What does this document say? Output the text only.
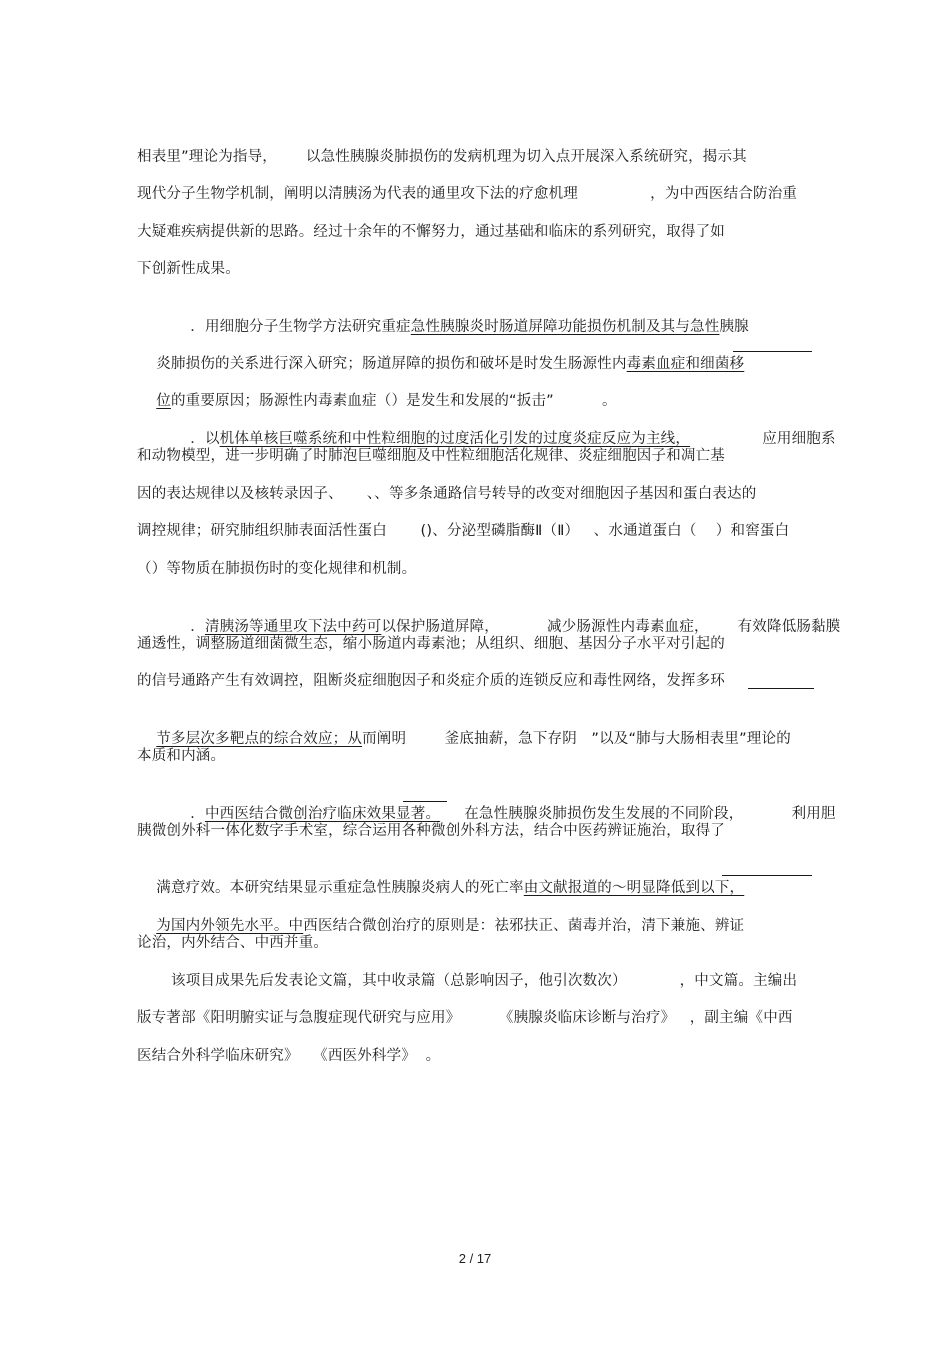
相表里”理论为指导，      以急性胰腺炎肺损伤的发病机理为切入点开展深入系统研究，揭示其
现代分子生物学机制，阐明以清胰汤为代表的通里攻下法的疗愈机理               ，为中西医结合防治重
大疑难疾病提供新的思路。经过十余年的不懈努力，通过基础和临床的系列研究，取得了如
下创新性成果。

．用细胞分子生物学方法研究重症急性胰腺炎时肠道屏障功能损伤机制及其与急性胰腺

炎肺损伤的关系进行深入研究；肠道屏障的损伤和破坏是时发生肠源性内毒素血症和细菌移

位的重要原因；肠源性内毒素血症（）是发生和发展的“扳击”          。

．以机体单核巨噬系统和中性粒细胞的过度活化引发的过度炎症反应为主线，               应用细胞系

和动物模型，进一步明确了时肺泡巨噬细胞及中性粒细胞活化规律、炎症细胞因子和凋亡基
因的表达规律以及核转录因子、     、、等多条通路信号转导的改变对细胞因子基因和蛋白表达的
调控规律；研究肺组织肺表面活性蛋白       ()、分泌型磷脂酶Ⅱ（Ⅱ）   、水通道蛋白（    ）和窖蛋白
（）等物质在肺损伤时的变化规律和机制。

．清胰汤等通里攻下法中药可以保护肠道屏障，          减少肠源性内毒素血症，      有效降低肠黏膜

通透性，调整肠道细菌微生态，缩小肠道内毒素池；从组织、细胞、基因分子水平对引起的
的信号通路产生有效调控，阻断炎症细胞因子和炎症介质的连锁反应和毒性网络，发挥多环

节多层次多靶点的综合效应；从而阐明        釜底抽薪，急下存阴   ”以及“肺与大肠相表里”理论的

本质和内涵。

．中西医结合微创治疗临床效果显著。     在急性胰腺炎肺损伤发生发展的不同阶段，          利用胆

胰微创外科一体化数字手术室，综合运用各种微创外科方法，结合中医药辨证施治，取得了

满意疗效。本研究结果显示重症急性胰腺炎病人的死亡率由文献报道的～明显降低到以下，

为国内外领先水平。中西医结合微创治疗的原则是：祛邪扶正、菌毒并治，清下兼施、辨证

论治，内外结合、中西并重。
该项目成果先后发表论文篇，其中收录篇（总影响因子，他引次数次）           ，中文篇。主编出
版专著部《阳明腑实证与急腹症现代研究与应用》        《胰腺炎临床诊断与治疗》   ，副主编《中西
医结合外科学临床研究》   《西医外科学》  。
2 / 17
